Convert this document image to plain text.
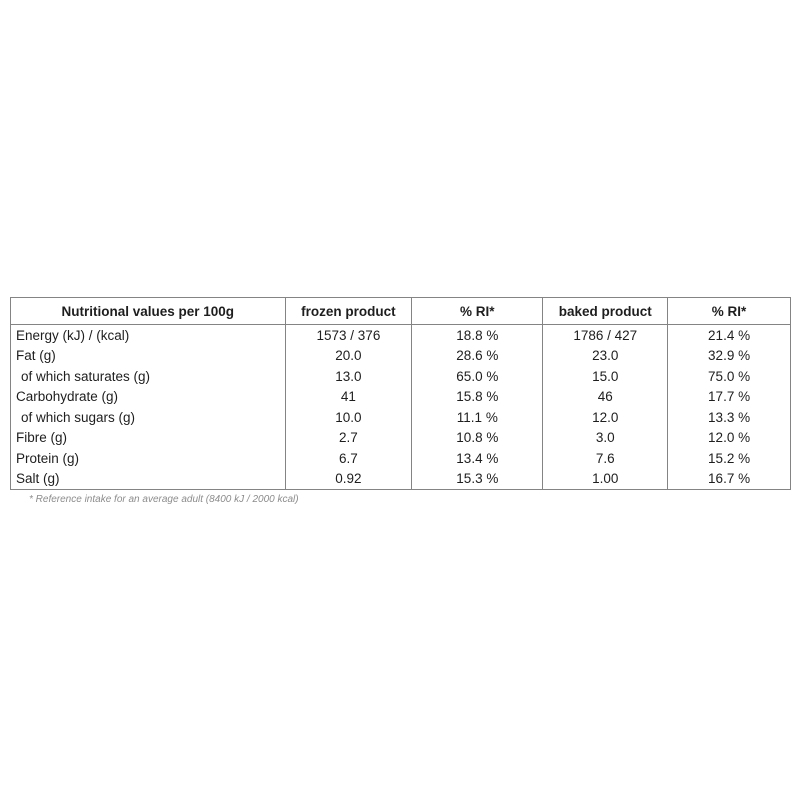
Nutritional values per 100g	frozen product	% RI*	baked product	% RI*
Energy (kJ) / (kcal)	1573 / 376	18.8 %	1786 / 427	21.4 %
Fat (g)	20.0	28.6 %	23.0	32.9 %
of which saturates (g)	13.0	65.0 %	15.0	75.0 %
Carbohydrate (g)	41	15.8 %	46	17.7 %
of which sugars (g)	10.0	11.1 %	12.0	13.3 %
Fibre (g)	2.7	10.8 %	3.0	12.0 %
Protein (g)	6.7	13.4 %	7.6	15.2 %
Salt (g)	0.92	15.3 %	1.00	16.7 %
* Reference intake for an average adult (8400 kJ / 2000 kcal)
